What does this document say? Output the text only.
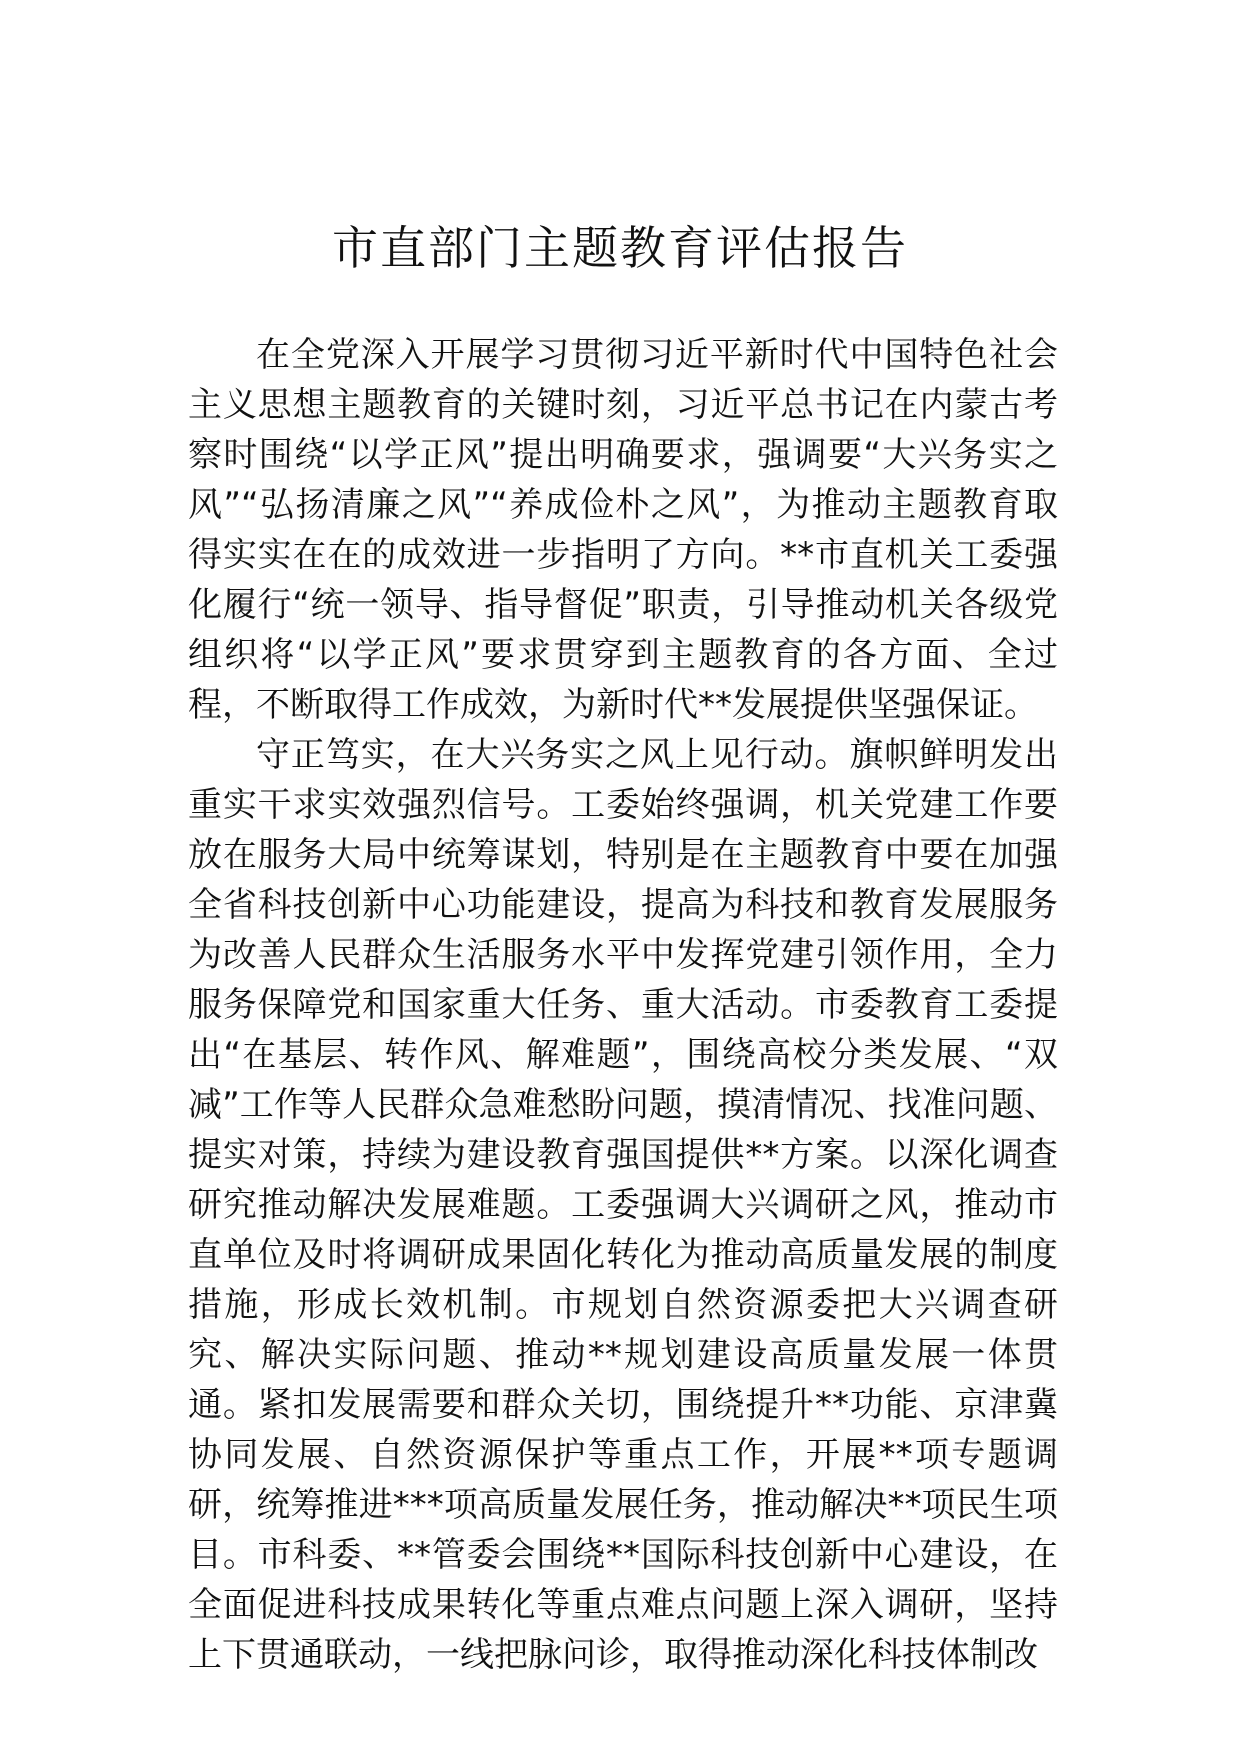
市直部门主题教育评估报告

在全党深入开展学习贯彻习近平新时代中国特色社会主义思想主题教育的关键时刻，习近平总书记在内蒙古考察时围绕“以学正风”提出明确要求，强调要“大兴务实之风”“弘扬清廉之风”“养成俭朴之风”，为推动主题教育取得实实在在的成效进一步指明了方向。**市直机关工委强化履行“统一领导、指导督促”职责，引导推动机关各级党组织将“以学正风”要求贯穿到主题教育的各方面、全过程，不断取得工作成效，为新时代**发展提供坚强保证。

守正笃实，在大兴务实之风上见行动。旗帜鲜明发出重实干求实效强烈信号。工委始终强调，机关党建工作要放在服务大局中统筹谋划，特别是在主题教育中要在加强全省科技创新中心功能建设，提高为科技和教育发展服务为改善人民群众生活服务水平中发挥党建引领作用，全力服务保障党和国家重大任务、重大活动。市委教育工委提出“在基层、转作风、解难题”，围绕高校分类发展、“双减”工作等人民群众急难愁盼问题，摸清情况、找准问题、提实对策，持续为建设教育强国提供**方案。以深化调查研究推动解决发展难题。工委强调大兴调研之风，推动市直单位及时将调研成果固化转化为推动高质量发展的制度措施，形成长效机制。市规划自然资源委把大兴调查研究、解决实际问题、推动**规划建设高质量发展一体贯通。紧扣发展需要和群众关切，围绕提升**功能、京津冀协同发展、自然资源保护等重点工作，开展**项专题调研，统筹推进***项高质量发展任务，推动解决**项民生项目。市科委、**管委会围绕**国际科技创新中心建设，在全面促进科技成果转化等重点难点问题上深入调研，坚持上下贯通联动，一线把脉问诊，取得推动深化科技体制改
